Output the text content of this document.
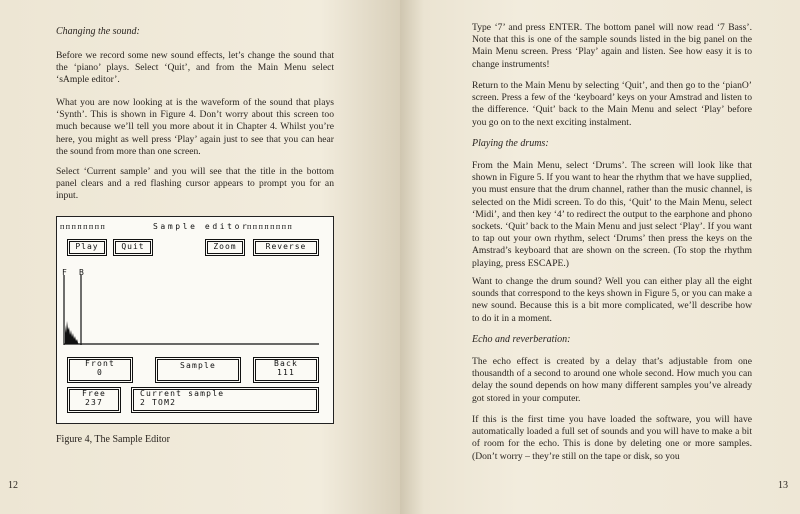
Changing the sound:

Before we record some new sound effects, let’s change the sound that the ‘piano’ plays. Select ‘Quit’, and from the Main Menu select ‘sAmple editor’.

What you are now looking at is the waveform of the sound that plays ‘Synth’. This is shown in Figure 4. Don’t worry about this screen too much because we’ll tell you more about it in Chapter 4. Whilst you’re here, you might as well press ‘Play’ again just to see that you can hear the sound from more than one screen.

Select ‘Current sample’ and you will see that the title in the bottom panel clears and a red flashing cursor appears to prompt you for an input.

ᴨᴨᴨᴨᴨᴨᴨᴨ	Sample editor
ᴨᴨᴨᴨᴨᴨᴨᴨ
Play	Quit	Zoom	Reverse
F B
Front
0
Sample	Back
111
Free
237
Current sample
2 TOM2
Figure 4, The Sample Editor
12

Type ‘7’ and press ENTER. The bottom panel will now read ‘7 Bass’. Note that this is one of the sample sounds listed in the big panel on the Main Menu screen. Press ‘Play’ again and listen. See how easy it is to change instruments!

Return to the Main Menu by selecting ‘Quit’, and then go to the ‘pianO’ screen. Press a few of the ‘keyboard’ keys on your Amstrad and listen to the difference. ‘Quit’ back to the Main Menu and select ‘Play’ before you go on to the next exciting instalment.

Playing the drums:

From the Main Menu, select ‘Drums’. The screen will look like that shown in Figure 5. If you want to hear the rhythm that we have supplied, you must ensure that the drum channel, rather than the music channel, is selected on the Midi screen. To do this, ‘Quit’ to the Main Menu, select ‘Midi’, and then key ‘4’ to redirect the output to the earphone and phono sockets. ‘Quit’ back to the Main Menu and just select ‘Play’. If you want to tap out your own rhythm, select ‘Drums’ then press the keys on the Amstrad’s keyboard that are shown on the screen. (To stop the rhythm playing, press ESCAPE.)

Want to change the drum sound? Well you can either play all the eight sounds that correspond to the keys shown in Figure 5, or you can make a new sound. Because this is a bit more complicated, we’ll describe how to do it in a moment.

Echo and reverberation:

The echo effect is created by a delay that’s adjustable from one thousandth of a second to around one whole second. How much you can delay the sound depends on how many different samples you’ve already got stored in your computer.

If this is the first time you have loaded the software, you will have automatically loaded a full set of sounds and you will have to make a bit of room for the echo. This is done by deleting one or more samples. (Don’t worry – they’re still on the tape or disk, so you

13
